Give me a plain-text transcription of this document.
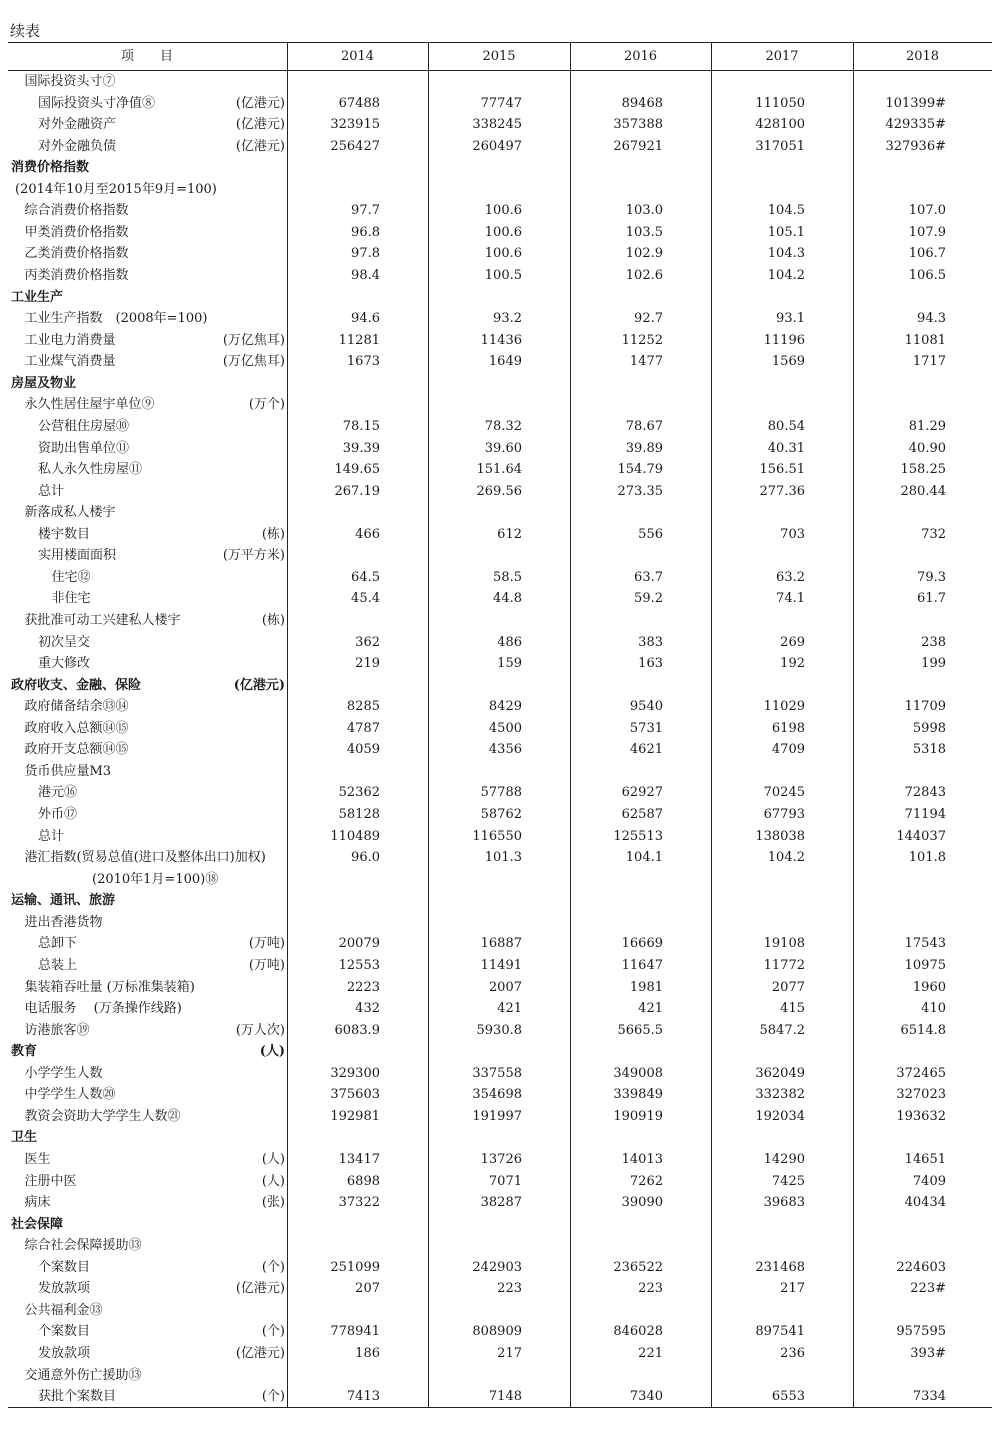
续表
项　　目	2014	2015	2016	2017	2018
国际投资头寸⑦
国际投资头寸净值⑧	(亿港元)	67488	77747	89468	111050	101399#
对外金融资产	(亿港元)	323915	338245	357388	428100	429335#
对外金融负债	(亿港元)	256427	260497	267921	317051	327936#
消费价格指数
(2014年10月至2015年9月=100)
综合消费价格指数	97.7	100.6	103.0	104.5	107.0
甲类消费价格指数	96.8	100.6	103.5	105.1	107.9
乙类消费价格指数	97.8	100.6	102.9	104.3	106.7
丙类消费价格指数	98.4	100.5	102.6	104.2	106.5
工业生产
工业生产指数　(2008年=100)	94.6	93.2	92.7	93.1	94.3
工业电力消费量	(万亿焦耳)	11281	11436	11252	11196	11081
工业煤气消费量	(万亿焦耳)	1673	1649	1477	1569	1717
房屋及物业
永久性居住屋宇单位⑨	(万个)
公营租住房屋⑩	78.15	78.32	78.67	80.54	81.29
资助出售单位⑪	39.39	39.60	39.89	40.31	40.90
私人永久性房屋⑪	149.65	151.64	154.79	156.51	158.25
总计	267.19	269.56	273.35	277.36	280.44
新落成私人楼宇
楼宇数目	(栋)	466	612	556	703	732
实用楼面面积	(万平方米)
住宅⑫	64.5	58.5	63.7	63.2	79.3
非住宅	45.4	44.8	59.2	74.1	61.7
获批准可动工兴建私人楼宇	(栋)
初次呈交	362	486	383	269	238
重大修改	219	159	163	192	199
政府收支、金融、保险	(亿港元)
政府储备结余⑬⑭	8285	8429	9540	11029	11709
政府收入总额⑭⑮	4787	4500	5731	6198	5998
政府开支总额⑭⑮	4059	4356	4621	4709	5318
货币供应量M3
港元⑯	52362	57788	62927	70245	72843
外币⑰	58128	58762	62587	67793	71194
总计	110489	116550	125513	138038	144037
港汇指数(贸易总值(进口及整体出口)加权)	96.0	101.3	104.1	104.2	101.8
(2010年1月=100)⑱
运输、通讯、旅游
进出香港货物
总卸下	(万吨)	20079	16887	16669	19108	17543
总装上	(万吨)	12553	11491	11647	11772	10975
集装箱吞吐量 (万标准集装箱)	2223	2007	1981	2077	1960
电话服务　 (万条操作线路)	432	421	421	415	410
访港旅客⑲	(万人次)	6083.9	5930.8	5665.5	5847.2	6514.8
教育	(人)
小学学生人数	329300	337558	349008	362049	372465
中学学生人数⑳	375603	354698	339849	332382	327023
教资会资助大学学生人数㉑	192981	191997	190919	192034	193632
卫生
医生	(人)	13417	13726	14013	14290	14651
注册中医	(人)	6898	7071	7262	7425	7409
病床	(张)	37322	38287	39090	39683	40434
社会保障
综合社会保障援助⑬
个案数目	(个)	251099	242903	236522	231468	224603
发放款项	(亿港元)	207	223	223	217	223#
公共福利金⑬
个案数目	(个)	778941	808909	846028	897541	957595
发放款项	(亿港元)	186	217	221	236	393#
交通意外伤亡援助⑬
获批个案数目	(个)	7413	7148	7340	6553	7334
